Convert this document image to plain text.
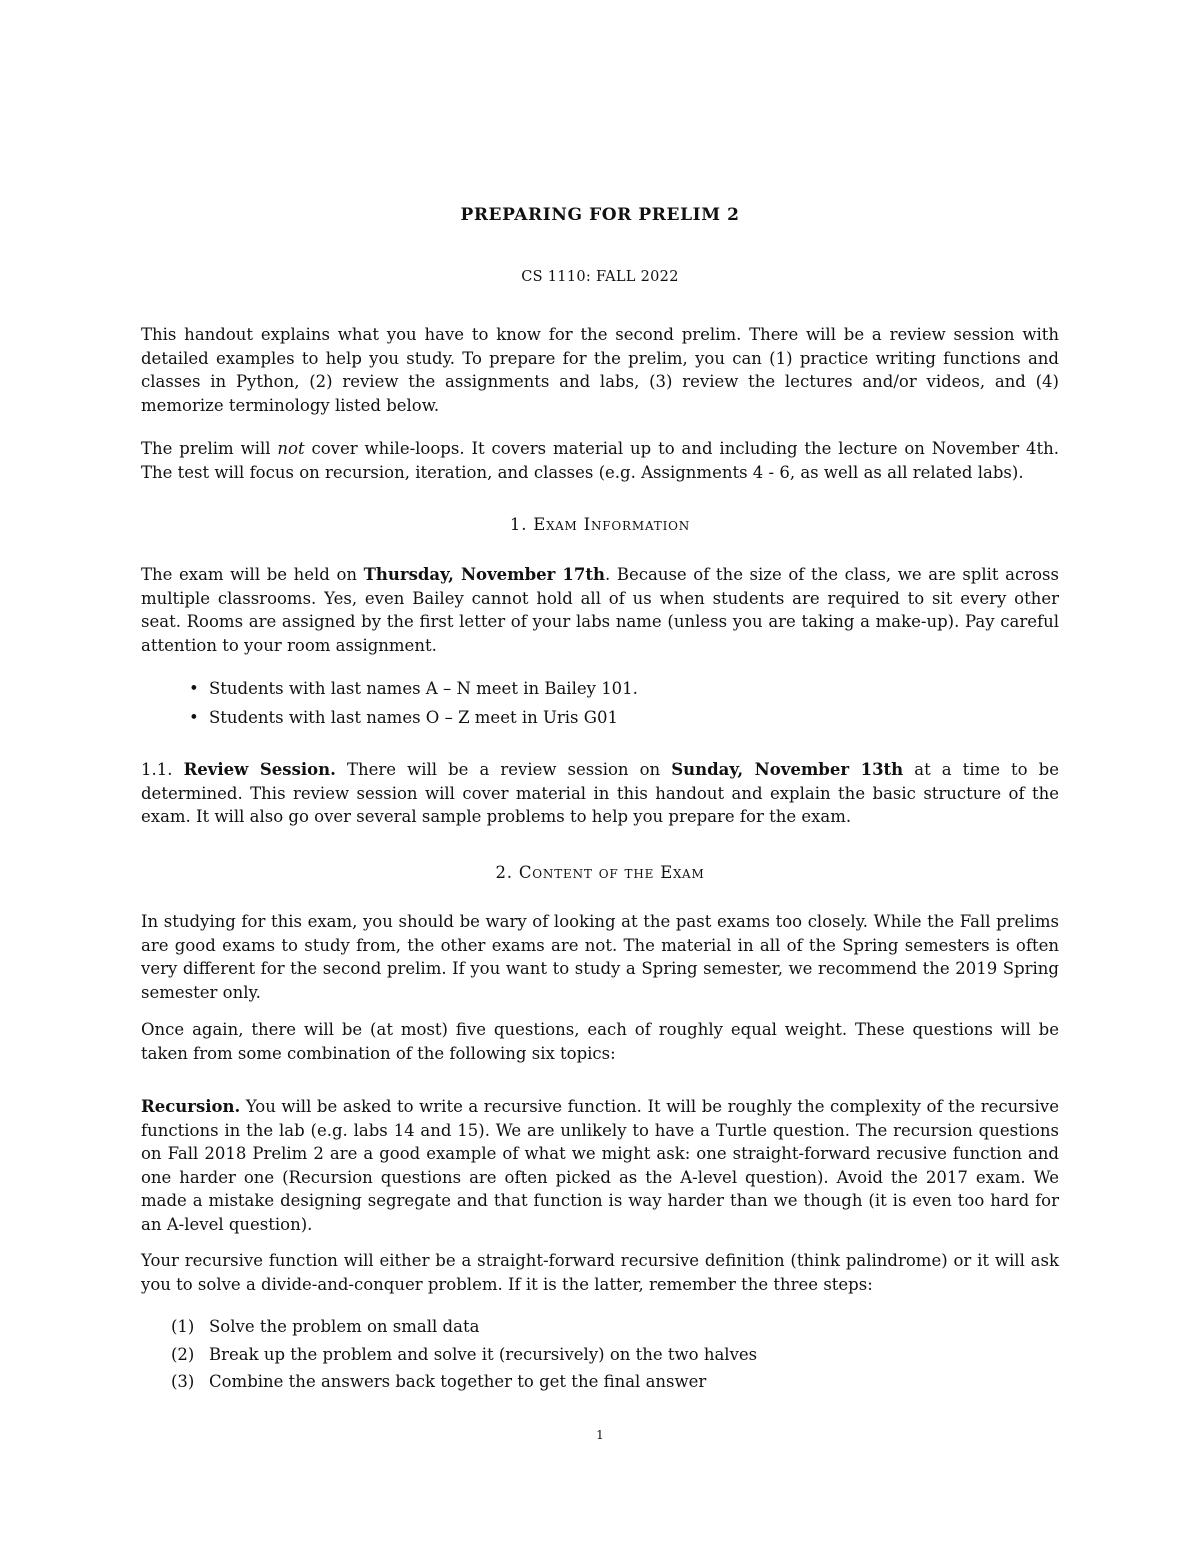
PREPARING FOR PRELIM 2
CS 1110: FALL 2022

This handout explains what you have to know for the second prelim. There will be a review session with detailed examples to help you study. To prepare for the prelim, you can (1) practice writing functions and classes in Python, (2) review the assignments and labs, (3) review the lectures and/or videos, and (4) memorize terminology listed below.

The prelim will not cover while-loops. It covers material up to and including the lecture on November 4th. The test will focus on recursion, iteration, and classes (e.g. Assignments 4 - 6, as well as all related labs).

1. Exam Information

The exam will be held on Thursday, November 17th. Because of the size of the class, we are split across multiple classrooms. Yes, even Bailey cannot hold all of us when students are required to sit every other seat. Rooms are assigned by the first letter of your labs name (unless you are taking a make-up). Pay careful attention to your room assignment.

• Students with last names A – N meet in Bailey 101.
• Students with last names O – Z meet in Uris G01

1.1. Review Session. There will be a review session on Sunday, November 13th at a time to be determined. This review session will cover material in this handout and explain the basic structure of the exam. It will also go over several sample problems to help you prepare for the exam.

2. Content of the Exam

In studying for this exam, you should be wary of looking at the past exams too closely. While the Fall prelims are good exams to study from, the other exams are not. The material in all of the Spring semesters is often very different for the second prelim. If you want to study a Spring semester, we recommend the 2019 Spring semester only.

Once again, there will be (at most) five questions, each of roughly equal weight. These questions will be taken from some combination of the following six topics:

Recursion. You will be asked to write a recursive function. It will be roughly the complexity of the recursive functions in the lab (e.g. labs 14 and 15). We are unlikely to have a Turtle question. The recursion questions on Fall 2018 Prelim 2 are a good example of what we might ask: one straight-forward recusive function and one harder one (Recursion questions are often picked as the A-level question). Avoid the 2017 exam. We made a mistake designing segregate and that function is way harder than we though (it is even too hard for an A-level question).

Your recursive function will either be a straight-forward recursive definition (think palindrome) or it will ask you to solve a divide-and-conquer problem. If it is the latter, remember the three steps:

(1) Solve the problem on small data
(2) Break up the problem and solve it (recursively) on the two halves
(3) Combine the answers back together to get the final answer
1
